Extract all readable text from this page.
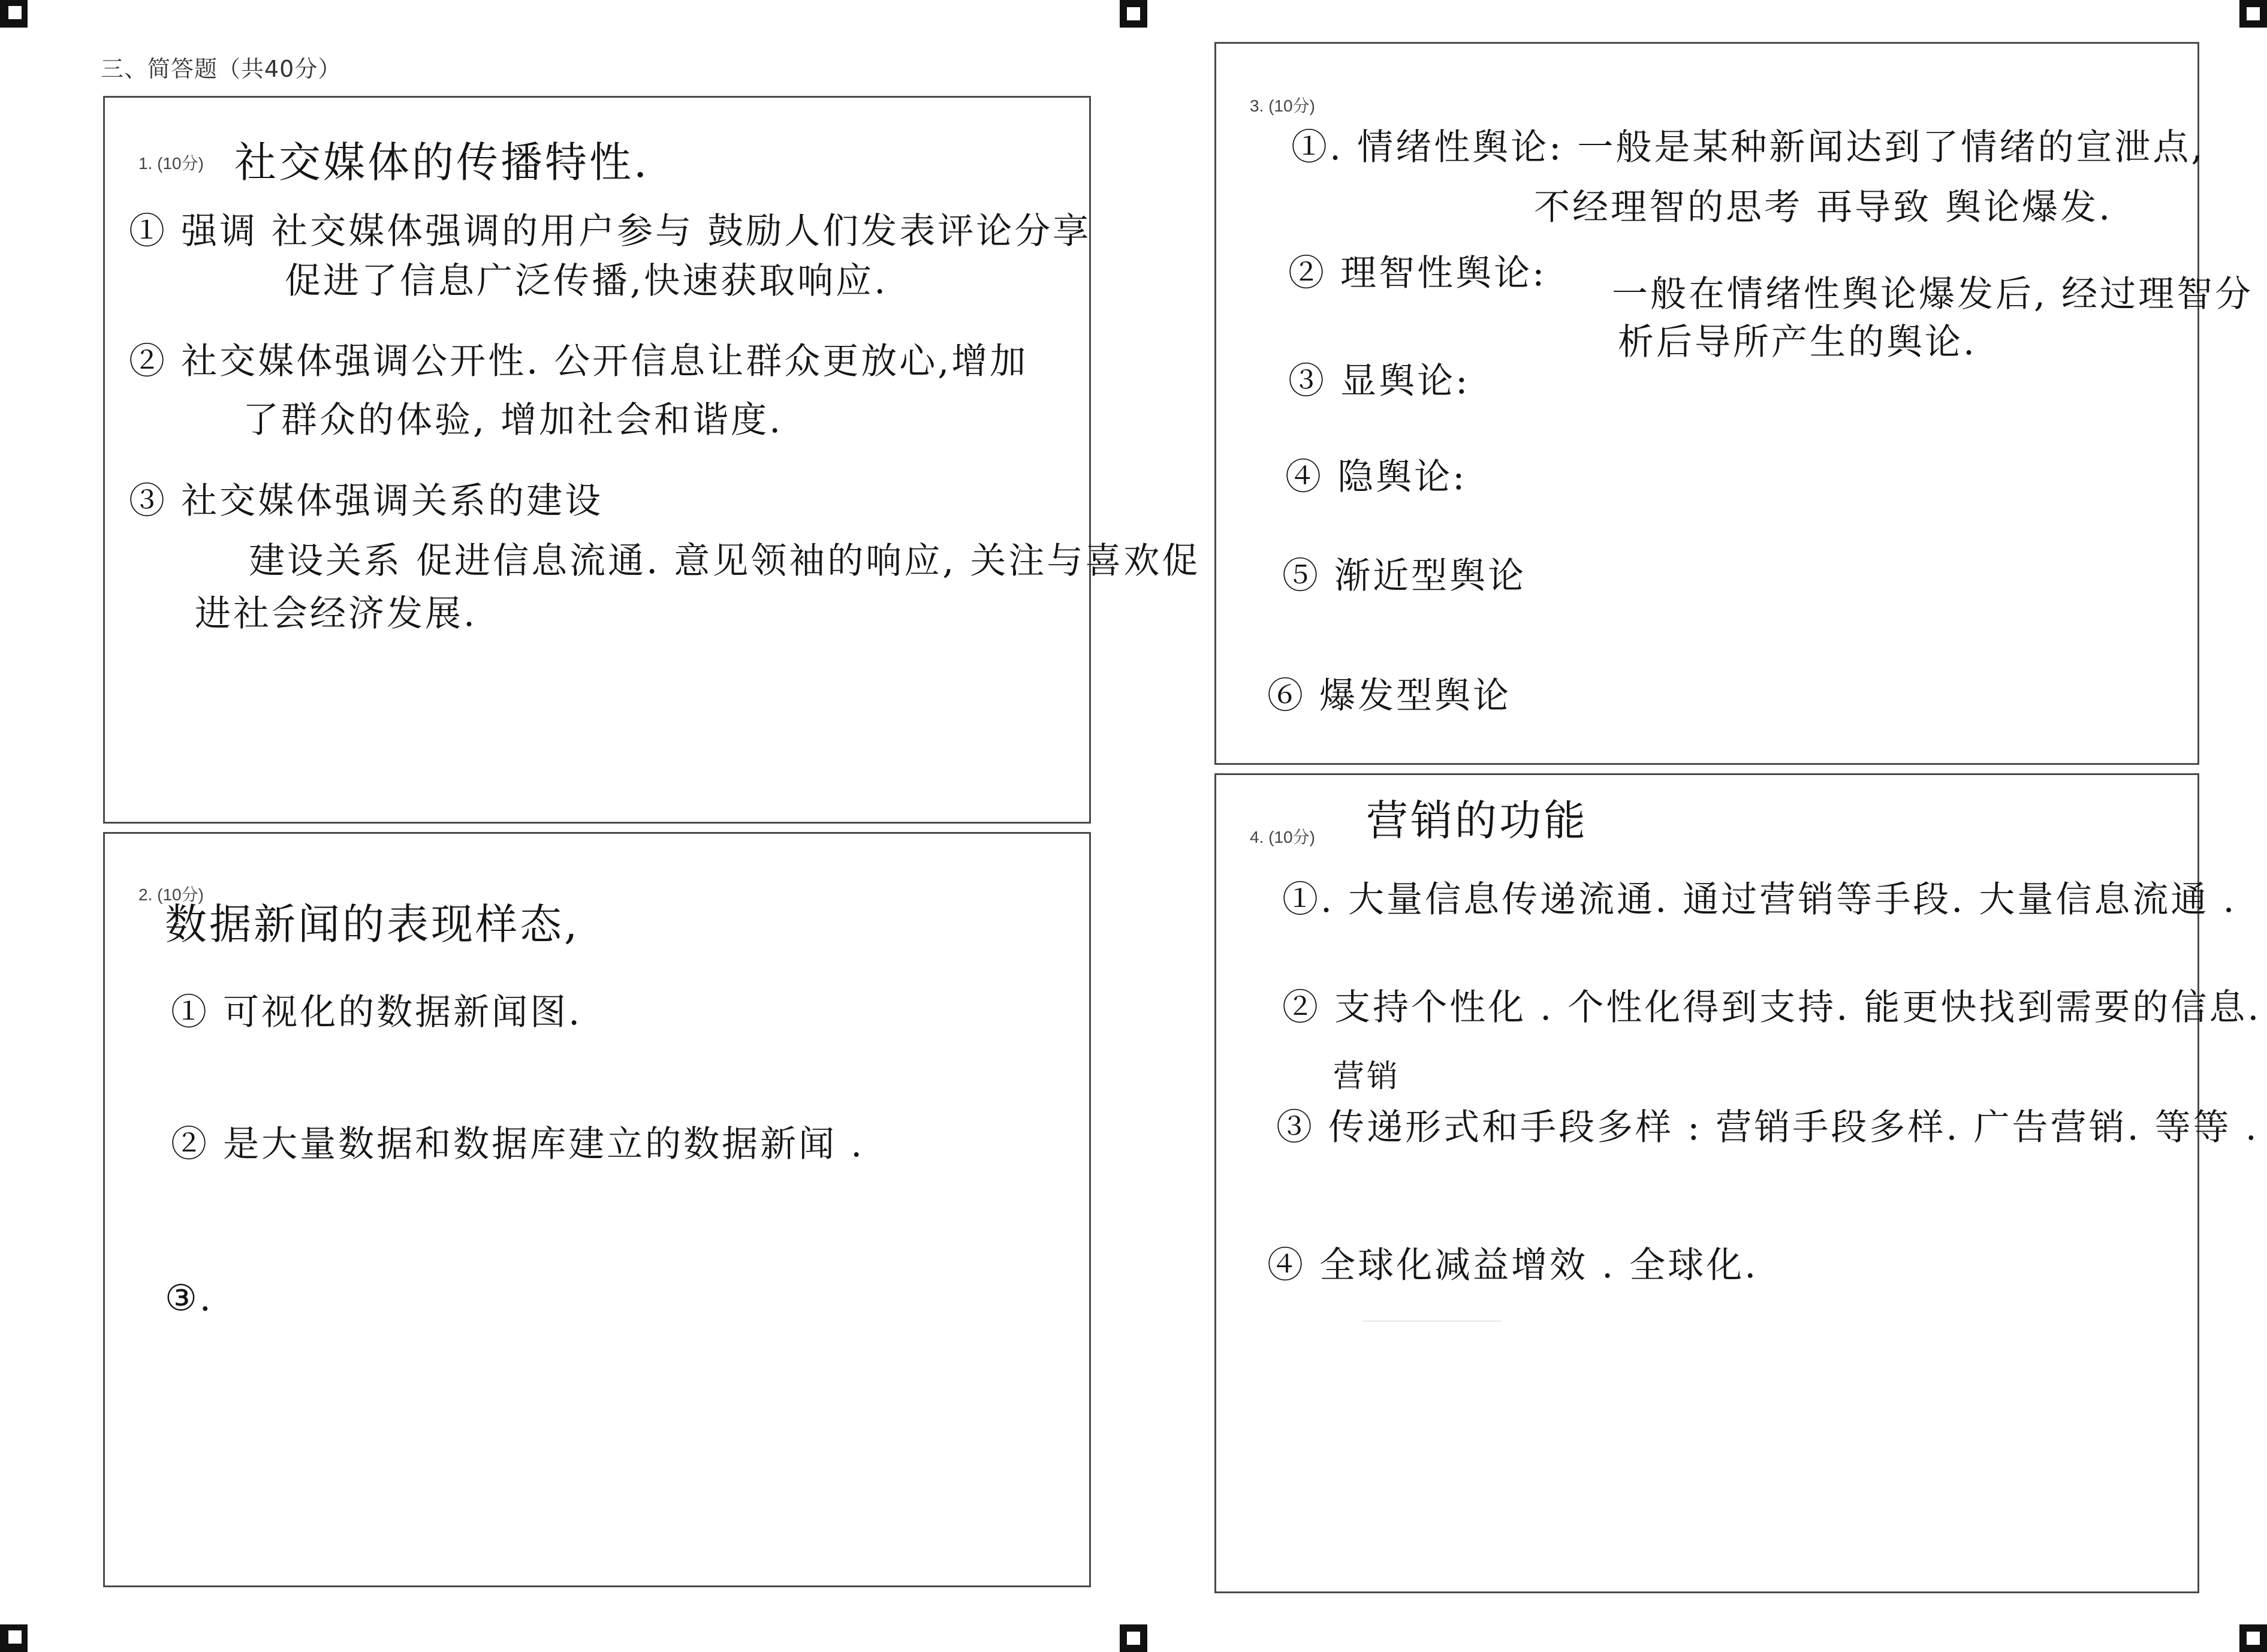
三、简答题（共40分）
1. (10分) 社交媒体的传播特性.
① 强调 社交媒体强调的用户参与 鼓励人们发表评论分享
促进了信息广泛传播,快速获取响应.
② 社交媒体强调公开性. 公开信息让群众更放心,增加
了群众的体验, 增加社会和谐度.
③ 社交媒体强调关系的建设
建设关系 促进信息流通. 意见领袖的响应, 关注与喜欢促
进社会经济发展.
2. (10分)
数据新闻的表现样态,
① 可视化的数据新闻图.
② 是大量数据和数据库建立的数据新闻 .
③.
3. (10分)
①. 情绪性舆论: 一般是某种新闻达到了情绪的宣泄点,
不经理智的思考 再导致 舆论爆发.
② 理智性舆论: 一般在情绪性舆论爆发后, 经过理智分
析后导所产生的舆论.
③ 显舆论:
④ 隐舆论:
⑤ 渐近型舆论
⑥ 爆发型舆论
4. (10分) 营销的功能
①. 大量信息传递流通. 通过营销等手段. 大量信息流通 .
② 支持个性化 . 个性化得到支持. 能更快找到需要的信息.
营销
③ 传递形式和手段多样 : 营销手段多样. 广告营销. 等等 .
④ 全球化减益增效 . 全球化.
